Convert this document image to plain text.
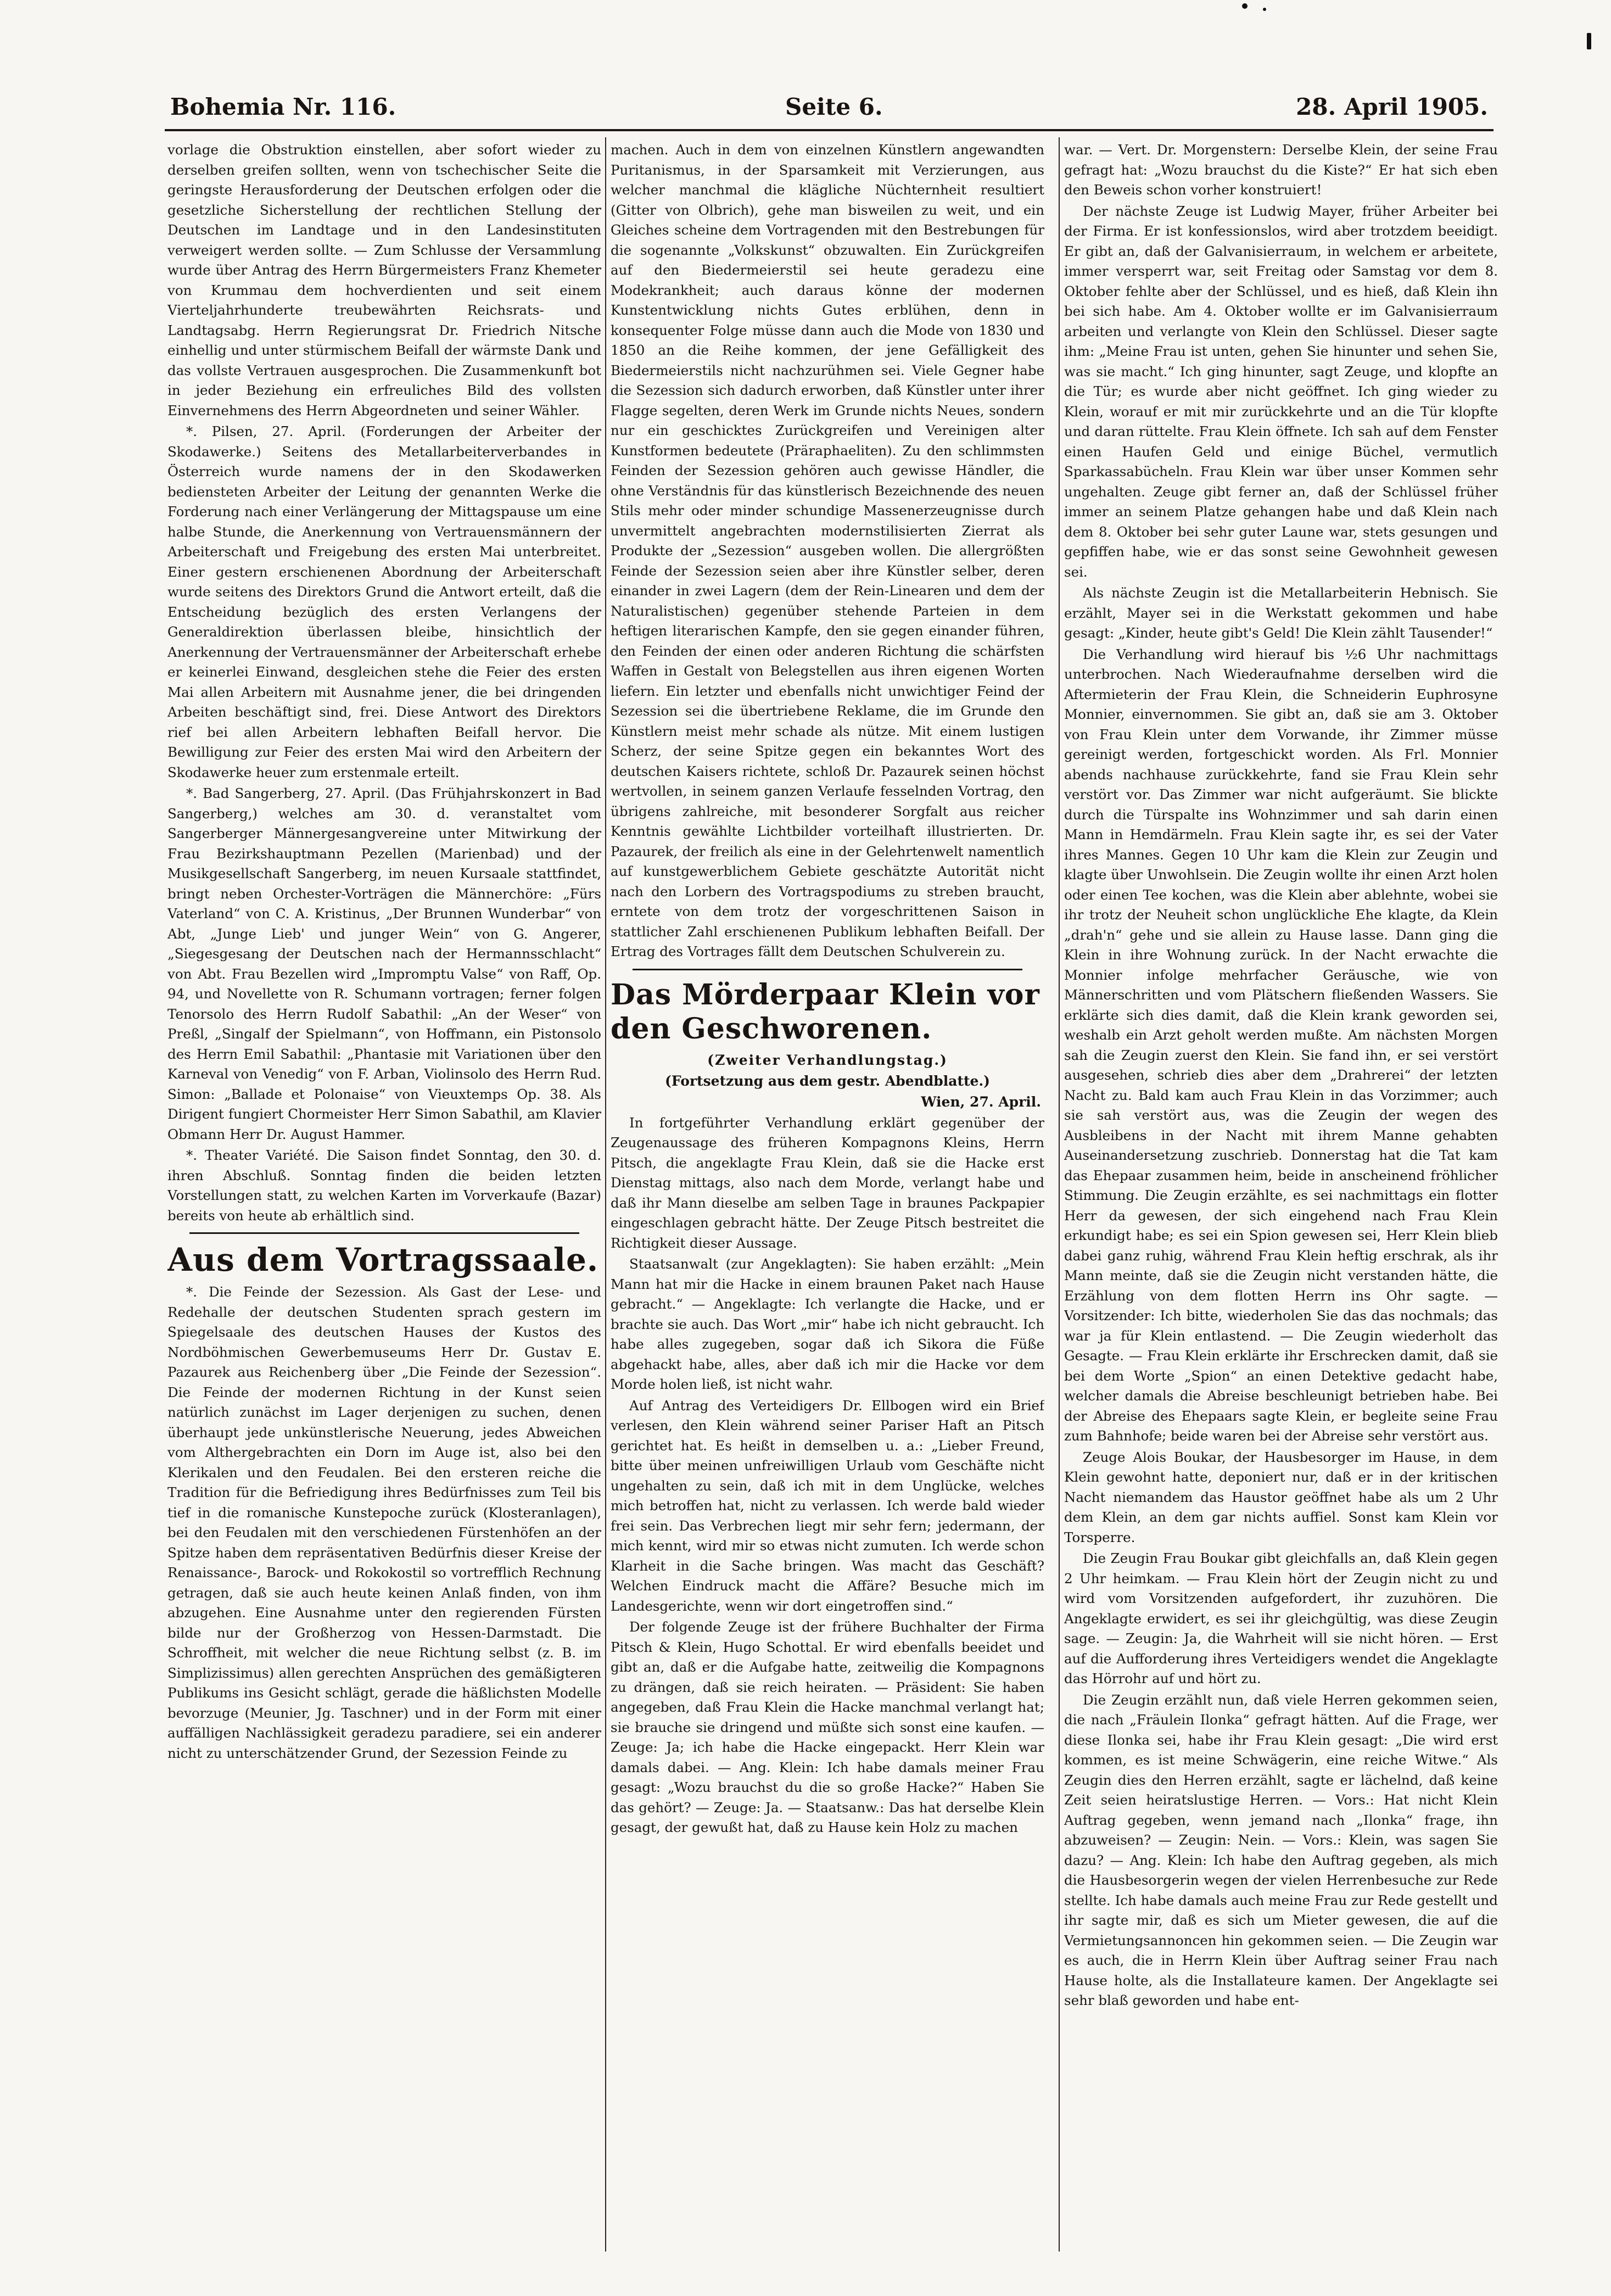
Bohemia Nr. 116.	Seite 6.	28. April 1905.

vorlage die Obstruktion einstellen, aber sofort wieder zu derselben greifen sollten, wenn von tschechischer Seite die geringste Herausforderung der Deutschen erfolgen oder die gesetzliche Sicherstellung der rechtlichen Stellung der Deutschen im Landtage und in den Landesinstituten verweigert werden sollte. — Zum Schlusse der Versammlung wurde über Antrag des Herrn Bürgermeisters Franz Khemeter von Krummau dem hochverdienten und seit einem Vierteljahrhunderte treubewährten Reichsrats- und Landtagsabg. Herrn Regierungsrat Dr. Friedrich Nitsche einhellig und unter stürmischem Beifall der wärmste Dank und das vollste Vertrauen ausgesprochen. Die Zusammenkunft bot in jeder Beziehung ein erfreuliches Bild des vollsten Einvernehmens des Herrn Abgeordneten und seiner Wähler.

*. Pilsen, 27. April. (Forderungen der Arbeiter der Skodawerke.) Seitens des Metallarbeiterverbandes in Österreich wurde namens der in den Skodawerken bediensteten Arbeiter der Leitung der genannten Werke die Forderung nach einer Verlängerung der Mittagspause um eine halbe Stunde, die Anerkennung von Vertrauensmännern der Arbeiterschaft und Freigebung des ersten Mai unterbreitet. Einer gestern erschienenen Abordnung der Arbeiterschaft wurde seitens des Direktors Grund die Antwort erteilt, daß die Entscheidung bezüglich des ersten Verlangens der Generaldirektion überlassen bleibe, hinsichtlich der Anerkennung der Vertrauensmänner der Arbeiterschaft erhebe er keinerlei Einwand, desgleichen stehe die Feier des ersten Mai allen Arbeitern mit Ausnahme jener, die bei dringenden Arbeiten beschäftigt sind, frei. Diese Antwort des Direktors rief bei allen Arbeitern lebhaften Beifall hervor. Die Bewilligung zur Feier des ersten Mai wird den Arbeitern der Skodawerke heuer zum erstenmale erteilt.

*. Bad Sangerberg, 27. April. (Das Frühjahrskonzert in Bad Sangerberg,) welches am 30. d. veranstaltet vom Sangerberger Männergesangvereine unter Mitwirkung der Frau Bezirkshauptmann Pezellen (Marienbad) und der Musikgesellschaft Sangerberg, im neuen Kursaale stattfindet, bringt neben Orchester-Vorträgen die Männerchöre: „Fürs Vaterland“ von C. A. Kristinus, „Der Brunnen Wunderbar“ von Abt, „Junge Lieb' und junger Wein“ von G. Angerer, „Siegesgesang der Deutschen nach der Hermannsschlacht“ von Abt. Frau Bezellen wird „Impromptu Valse“ von Raff, Op. 94, und Novellette von R. Schumann vortragen; ferner folgen Tenorsolo des Herrn Rudolf Sabathil: „An der Weser“ von Preßl, „Singalf der Spielmann“, von Hoffmann, ein Pistonsolo des Herrn Emil Sabathil: „Phantasie mit Variationen über den Karneval von Venedig“ von F. Arban, Violinsolo des Herrn Rud. Simon: „Ballade et Polonaise“ von Vieuxtemps Op. 38. Als Dirigent fungiert Chormeister Herr Simon Sabathil, am Klavier Obmann Herr Dr. August Hammer.

*. Theater Variété. Die Saison findet Sonntag, den 30. d. ihren Abschluß. Sonntag finden die beiden letzten Vorstellungen statt, zu welchen Karten im Vorverkaufe (Bazar) bereits von heute ab erhältlich sind.

Aus dem Vortragssaale.

*. Die Feinde der Sezession. Als Gast der Lese- und Redehalle der deutschen Studenten sprach gestern im Spiegelsaale des deutschen Hauses der Kustos des Nordböhmischen Gewerbemuseums Herr Dr. Gustav E. Pazaurek aus Reichenberg über „Die Feinde der Sezession“. Die Feinde der modernen Richtung in der Kunst seien natürlich zunächst im Lager derjenigen zu suchen, denen überhaupt jede unkünstlerische Neuerung, jedes Abweichen vom Althergebrachten ein Dorn im Auge ist, also bei den Klerikalen und den Feudalen. Bei den ersteren reiche die Tradition für die Befriedigung ihres Bedürfnisses zum Teil bis tief in die romanische Kunstepoche zurück (Klosteranlagen), bei den Feudalen mit den verschiedenen Fürstenhöfen an der Spitze haben dem repräsentativen Bedürfnis dieser Kreise der Renaissance-, Barock- und Rokokostil so vortrefflich Rechnung getragen, daß sie auch heute keinen Anlaß finden, von ihm abzugehen. Eine Ausnahme unter den regierenden Fürsten bilde nur der Großherzog von Hessen-Darmstadt. Die Schroffheit, mit welcher die neue Richtung selbst (z. B. im Simplizissimus) allen gerechten Ansprüchen des gemäßigteren Publikums ins Gesicht schlägt, gerade die häßlichsten Modelle bevorzuge (Meunier, Jg. Taschner) und in der Form mit einer auffälligen Nachlässigkeit geradezu paradiere, sei ein anderer nicht zu unterschätzender Grund, der Sezession Feinde zu

machen. Auch in dem von einzelnen Künstlern angewandten Puritanismus, in der Sparsamkeit mit Verzierungen, aus welcher manchmal die klägliche Nüchternheit resultiert (Gitter von Olbrich), gehe man bisweilen zu weit, und ein Gleiches scheine dem Vortragenden mit den Bestrebungen für die sogenannte „Volkskunst“ obzuwalten. Ein Zurückgreifen auf den Biedermeierstil sei heute geradezu eine Modekrankheit; auch daraus könne der modernen Kunstentwicklung nichts Gutes erblühen, denn in konsequenter Folge müsse dann auch die Mode von 1830 und 1850 an die Reihe kommen, der jene Gefälligkeit des Biedermeierstils nicht nachzurühmen sei. Viele Gegner habe die Sezession sich dadurch erworben, daß Künstler unter ihrer Flagge segelten, deren Werk im Grunde nichts Neues, sondern nur ein geschicktes Zurückgreifen und Vereinigen alter Kunstformen bedeutete (Präraphaeliten). Zu den schlimmsten Feinden der Sezession gehören auch gewisse Händler, die ohne Verständnis für das künstlerisch Bezeichnende des neuen Stils mehr oder minder schundige Massenerzeugnisse durch unvermittelt angebrachten modernstilisierten Zierrat als Produkte der „Sezession“ ausgeben wollen. Die allergrößten Feinde der Sezession seien aber ihre Künstler selber, deren einander in zwei Lagern (dem der Rein-Linearen und dem der Naturalistischen) gegenüber stehende Parteien in dem heftigen literarischen Kampfe, den sie gegen einander führen, den Feinden der einen oder anderen Richtung die schärfsten Waffen in Gestalt von Belegstellen aus ihren eigenen Worten liefern. Ein letzter und ebenfalls nicht unwichtiger Feind der Sezession sei die übertriebene Reklame, die im Grunde den Künstlern meist mehr schade als nütze. Mit einem lustigen Scherz, der seine Spitze gegen ein bekanntes Wort des deutschen Kaisers richtete, schloß Dr. Pazaurek seinen höchst wertvollen, in seinem ganzen Verlaufe fesselnden Vortrag, den übrigens zahlreiche, mit besonderer Sorgfalt aus reicher Kenntnis gewählte Lichtbilder vorteilhaft illustrierten. Dr. Pazaurek, der freilich als eine in der Gelehrtenwelt namentlich auf kunstgewerblichem Gebiete geschätzte Autorität nicht nach den Lorbern des Vortragspodiums zu streben braucht, erntete von dem trotz der vorgeschrittenen Saison in stattlicher Zahl erschienenen Publikum lebhaften Beifall. Der Ertrag des Vortrages fällt dem Deutschen Schulverein zu.

Das Mörderpaar Klein vor den Geschworenen.
(Zweiter Verhandlungstag.)
(Fortsetzung aus dem gestr. Abendblatte.)
Wien, 27. April.

In fortgeführter Verhandlung erklärt gegenüber der Zeugenaussage des früheren Kompagnons Kleins, Herrn Pitsch, die angeklagte Frau Klein, daß sie die Hacke erst Dienstag mittags, also nach dem Morde, verlangt habe und daß ihr Mann dieselbe am selben Tage in braunes Packpapier eingeschlagen gebracht hätte. Der Zeuge Pitsch bestreitet die Richtigkeit dieser Aussage.

Staatsanwalt (zur Angeklagten): Sie haben erzählt: „Mein Mann hat mir die Hacke in einem braunen Paket nach Hause gebracht.“ — Angeklagte: Ich verlangte die Hacke, und er brachte sie auch. Das Wort „mir“ habe ich nicht gebraucht. Ich habe alles zugegeben, sogar daß ich Sikora die Füße abgehackt habe, alles, aber daß ich mir die Hacke vor dem Morde holen ließ, ist nicht wahr.

Auf Antrag des Verteidigers Dr. Ellbogen wird ein Brief verlesen, den Klein während seiner Pariser Haft an Pitsch gerichtet hat. Es heißt in demselben u. a.: „Lieber Freund, bitte über meinen unfreiwilligen Urlaub vom Geschäfte nicht ungehalten zu sein, daß ich mit in dem Unglücke, welches mich betroffen hat, nicht zu verlassen. Ich werde bald wieder frei sein. Das Verbrechen liegt mir sehr fern; jedermann, der mich kennt, wird mir so etwas nicht zumuten. Ich werde schon Klarheit in die Sache bringen. Was macht das Geschäft? Welchen Eindruck macht die Affäre? Besuche mich im Landesgerichte, wenn wir dort eingetroffen sind.“

Der folgende Zeuge ist der frühere Buchhalter der Firma Pitsch & Klein, Hugo Schottal. Er wird ebenfalls beeidet und gibt an, daß er die Aufgabe hatte, zeitweilig die Kompagnons zu drängen, daß sie reich heiraten. — Präsident: Sie haben angegeben, daß Frau Klein die Hacke manchmal verlangt hat; sie brauche sie dringend und müßte sich sonst eine kaufen. — Zeuge: Ja; ich habe die Hacke eingepackt. Herr Klein war damals dabei. — Ang. Klein: Ich habe damals meiner Frau gesagt: „Wozu brauchst du die so große Hacke?“ Haben Sie das gehört? — Zeuge: Ja. — Staatsanw.: Das hat derselbe Klein gesagt, der gewußt hat, daß zu Hause kein Holz zu machen

war. — Vert. Dr. Morgenstern: Derselbe Klein, der seine Frau gefragt hat: „Wozu brauchst du die Kiste?“ Er hat sich eben den Beweis schon vorher konstruiert!

Der nächste Zeuge ist Ludwig Mayer, früher Arbeiter bei der Firma. Er ist konfessionslos, wird aber trotzdem beeidigt. Er gibt an, daß der Galvanisierraum, in welchem er arbeitete, immer versperrt war, seit Freitag oder Samstag vor dem 8. Oktober fehlte aber der Schlüssel, und es hieß, daß Klein ihn bei sich habe. Am 4. Oktober wollte er im Galvanisierraum arbeiten und verlangte von Klein den Schlüssel. Dieser sagte ihm: „Meine Frau ist unten, gehen Sie hinunter und sehen Sie, was sie macht.“ Ich ging hinunter, sagt Zeuge, und klopfte an die Tür; es wurde aber nicht geöffnet. Ich ging wieder zu Klein, worauf er mit mir zurückkehrte und an die Tür klopfte und daran rüttelte. Frau Klein öffnete. Ich sah auf dem Fenster einen Haufen Geld und einige Büchel, vermutlich Sparkassabücheln. Frau Klein war über unser Kommen sehr ungehalten. Zeuge gibt ferner an, daß der Schlüssel früher immer an seinem Platze gehangen habe und daß Klein nach dem 8. Oktober bei sehr guter Laune war, stets gesungen und gepfiffen habe, wie er das sonst seine Gewohnheit gewesen sei.

Als nächste Zeugin ist die Metallarbeiterin Hebnisch. Sie erzählt, Mayer sei in die Werkstatt gekommen und habe gesagt: „Kinder, heute gibt's Geld! Die Klein zählt Tausender!“

Die Verhandlung wird hierauf bis ½6 Uhr nachmittags unterbrochen. Nach Wiederaufnahme derselben wird die Aftermieterin der Frau Klein, die Schneiderin Euphrosyne Monnier, einvernommen. Sie gibt an, daß sie am 3. Oktober von Frau Klein unter dem Vorwande, ihr Zimmer müsse gereinigt werden, fortgeschickt worden. Als Frl. Monnier abends nachhause zurückkehrte, fand sie Frau Klein sehr verstört vor. Das Zimmer war nicht aufgeräumt. Sie blickte durch die Türspalte ins Wohnzimmer und sah darin einen Mann in Hemdärmeln. Frau Klein sagte ihr, es sei der Vater ihres Mannes. Gegen 10 Uhr kam die Klein zur Zeugin und klagte über Unwohlsein. Die Zeugin wollte ihr einen Arzt holen oder einen Tee kochen, was die Klein aber ablehnte, wobei sie ihr trotz der Neuheit schon unglückliche Ehe klagte, da Klein „drah'n“ gehe und sie allein zu Hause lasse. Dann ging die Klein in ihre Wohnung zurück. In der Nacht erwachte die Monnier infolge mehrfacher Geräusche, wie von Männerschritten und vom Plätschern fließenden Wassers. Sie erklärte sich dies damit, daß die Klein krank geworden sei, weshalb ein Arzt geholt werden mußte. Am nächsten Morgen sah die Zeugin zuerst den Klein. Sie fand ihn, er sei verstört ausgesehen, schrieb dies aber dem „Drahrerei“ der letzten Nacht zu. Bald kam auch Frau Klein in das Vorzimmer; auch sie sah verstört aus, was die Zeugin der wegen des Ausbleibens in der Nacht mit ihrem Manne gehabten Auseinandersetzung zuschrieb. Donnerstag hat die Tat kam das Ehepaar zusammen heim, beide in anscheinend fröhlicher Stimmung. Die Zeugin erzählte, es sei nachmittags ein flotter Herr da gewesen, der sich eingehend nach Frau Klein erkundigt habe; es sei ein Spion gewesen sei, Herr Klein blieb dabei ganz ruhig, während Frau Klein heftig erschrak, als ihr Mann meinte, daß sie die Zeugin nicht verstanden hätte, die Erzählung von dem flotten Herrn ins Ohr sagte. — Vorsitzender: Ich bitte, wiederholen Sie das das nochmals; das war ja für Klein entlastend. — Die Zeugin wiederholt das Gesagte. — Frau Klein erklärte ihr Erschrecken damit, daß sie bei dem Worte „Spion“ an einen Detektive gedacht habe, welcher damals die Abreise beschleunigt betrieben habe. Bei der Abreise des Ehepaars sagte Klein, er begleite seine Frau zum Bahnhofe; beide waren bei der Abreise sehr verstört aus.

Zeuge Alois Boukar, der Hausbesorger im Hause, in dem Klein gewohnt hatte, deponiert nur, daß er in der kritischen Nacht niemandem das Haustor geöffnet habe als um 2 Uhr dem Klein, an dem gar nichts auffiel. Sonst kam Klein vor Torsperre.

Die Zeugin Frau Boukar gibt gleichfalls an, daß Klein gegen 2 Uhr heimkam. — Frau Klein hört der Zeugin nicht zu und wird vom Vorsitzenden aufgefordert, ihr zuzuhören. Die Angeklagte erwidert, es sei ihr gleichgültig, was diese Zeugin sage. — Zeugin: Ja, die Wahrheit will sie nicht hören. — Erst auf die Aufforderung ihres Verteidigers wendet die Angeklagte das Hörrohr auf und hört zu.

Die Zeugin erzählt nun, daß viele Herren gekommen seien, die nach „Fräulein Ilonka“ gefragt hätten. Auf die Frage, wer diese Ilonka sei, habe ihr Frau Klein gesagt: „Die wird erst kommen, es ist meine Schwägerin, eine reiche Witwe.“ Als Zeugin dies den Herren erzählt, sagte er lächelnd, daß keine Zeit seien heiratslustige Herren. — Vors.: Hat nicht Klein Auftrag gegeben, wenn jemand nach „Ilonka“ frage, ihn abzuweisen? — Zeugin: Nein. — Vors.: Klein, was sagen Sie dazu? — Ang. Klein: Ich habe den Auftrag gegeben, als mich die Hausbesorgerin wegen der vielen Herrenbesuche zur Rede stellte. Ich habe damals auch meine Frau zur Rede gestellt und ihr sagte mir, daß es sich um Mieter gewesen, die auf die Vermietungsannoncen hin gekommen seien. — Die Zeugin war es auch, die in Herrn Klein über Auftrag seiner Frau nach Hause holte, als die Installateure kamen. Der Angeklagte sei sehr blaß geworden und habe ent-
